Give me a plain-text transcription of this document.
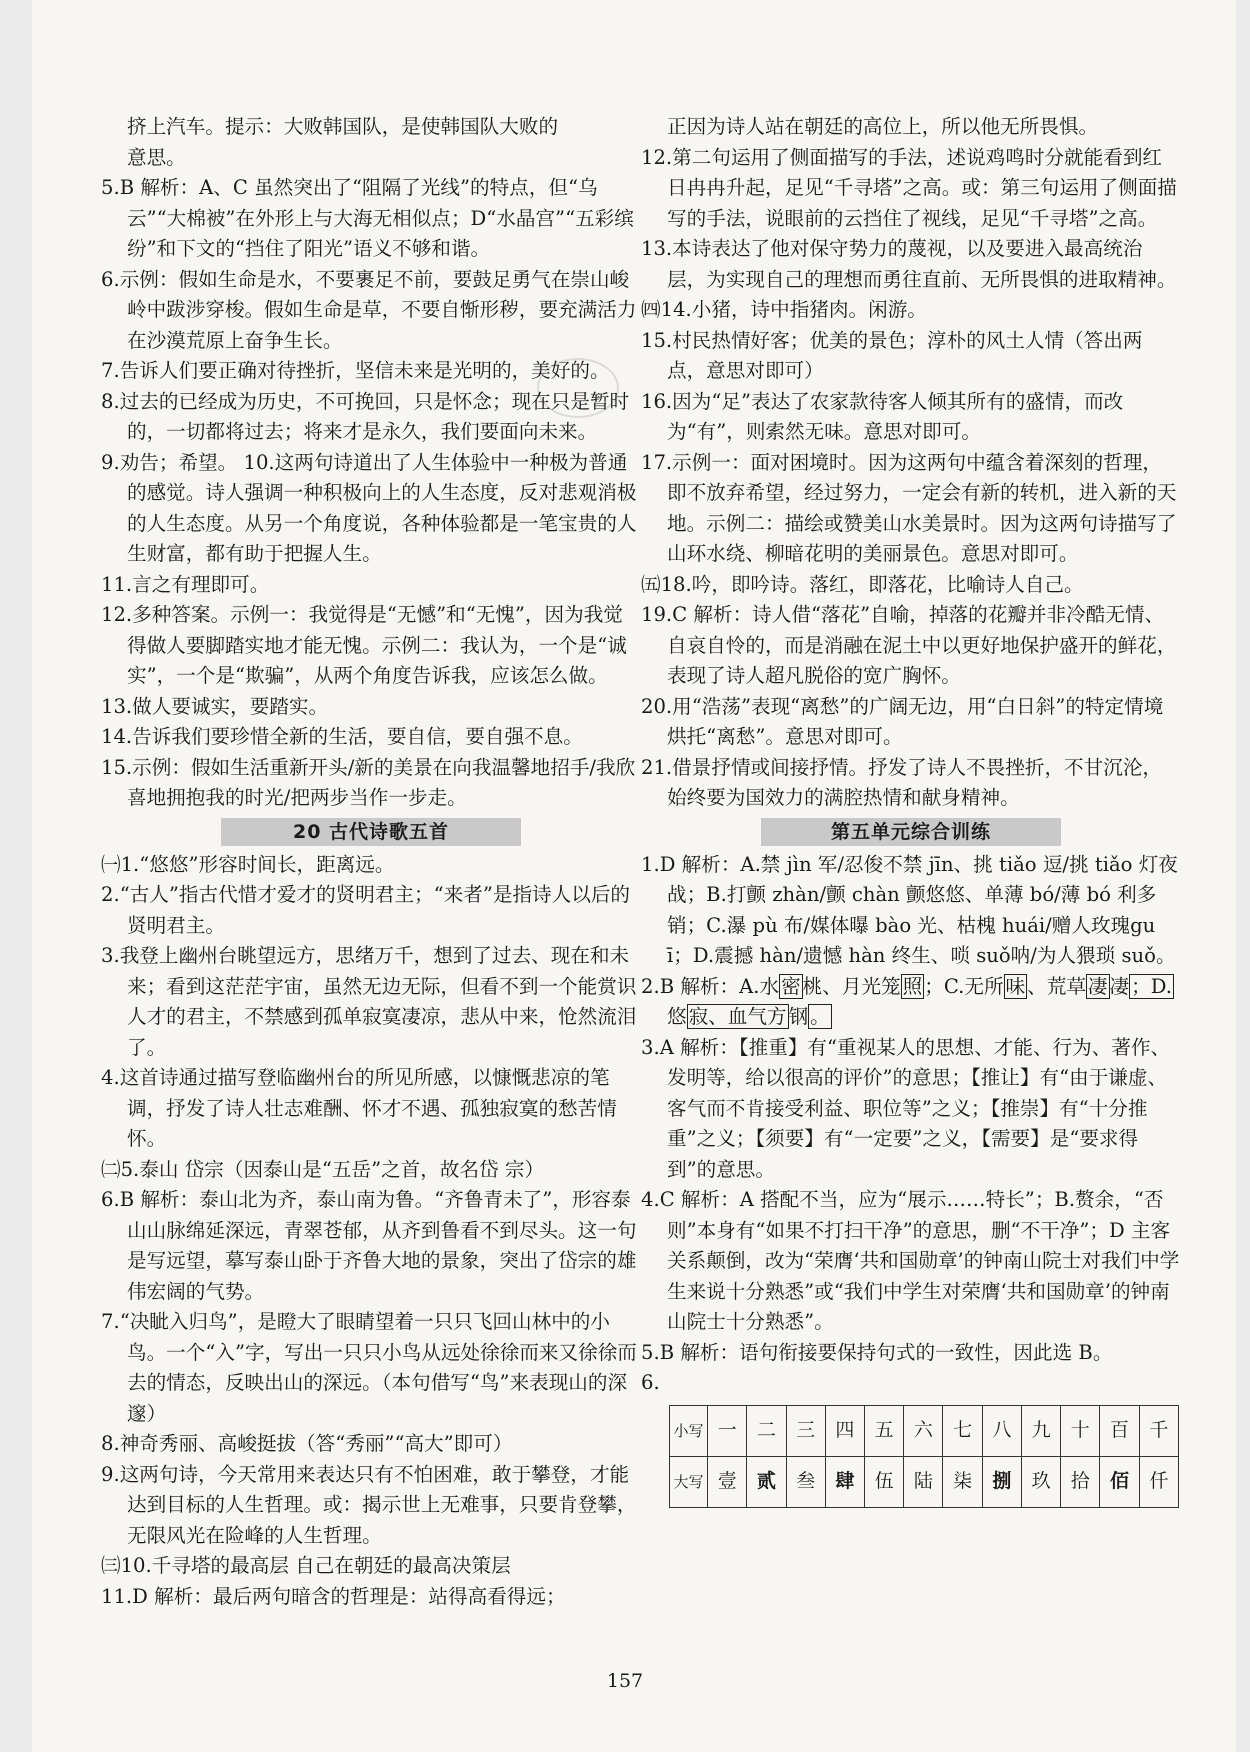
挤上汽车。提示：大败韩国队，是使韩国队大败的

意思。

5.B 解析：A、C 虽然突出了“阻隔了光线”的特点，但“乌云”“大棉被”在外形上与大海无相似点；D“水晶宫”“五彩缤纷”和下文的“挡住了阳光”语义不够和谐。

6.示例：假如生命是水，不要裹足不前，要鼓足勇气在崇山峻岭中跋涉穿梭。假如生命是草，不要自惭形秽，要充满活力在沙漠荒原上奋争生长。

7.告诉人们要正确对待挫折，坚信未来是光明的，美好的。

8.过去的已经成为历史，不可挽回，只是怀念；现在只是暂时的，一切都将过去；将来才是永久，我们要面向未来。

9.劝告；希望。 10.这两句诗道出了人生体验中一种极为普通的感觉。诗人强调一种积极向上的人生态度，反对悲观消极的人生态度。从另一个角度说，各种体验都是一笔宝贵的人生财富，都有助于把握人生。

11.言之有理即可。

12.多种答案。示例一：我觉得是“无憾”和“无愧”，因为我觉得做人要脚踏实地才能无愧。示例二：我认为，一个是“诚实”，一个是“欺骗”，从两个角度告诉我，应该怎么做。

13.做人要诚实，要踏实。

14.告诉我们要珍惜全新的生活，要自信，要自强不息。

15.示例：假如生活重新开头/新的美景在向我温馨地招手/我欣喜地拥抱我的时光/把两步当作一步走。

20 古代诗歌五首

㈠1.“悠悠”形容时间长，距离远。

2.“古人”指古代惜才爱才的贤明君主；“来者”是指诗人以后的贤明君主。

3.我登上幽州台眺望远方，思绪万千，想到了过去、现在和未来；看到这茫茫宇宙，虽然无边无际，但看不到一个能赏识人才的君主，不禁感到孤单寂寞凄凉，悲从中来，怆然流泪了。

4.这首诗通过描写登临幽州台的所见所感，以慷慨悲凉的笔调，抒发了诗人壮志难酬、怀才不遇、孤独寂寞的愁苦情怀。

㈡5.泰山 岱宗（因泰山是“五岳”之首，故名岱 宗）

6.B 解析：泰山北为齐，泰山南为鲁。“齐鲁青未了”，形容泰山山脉绵延深远，青翠苍郁，从齐到鲁看不到尽头。这一句是写远望，摹写泰山卧于齐鲁大地的景象，突出了岱宗的雄伟宏阔的气势。

7.“决眦入归鸟”，是瞪大了眼睛望着一只只飞回山林中的小鸟。一个“入”字，写出一只只小鸟从远处徐徐而来又徐徐而去的情态，反映出山的深远。（本句借写“鸟”来表现山的深邃）

8.神奇秀丽、高峻挺拔（答“秀丽”“高大”即可）

9.这两句诗，今天常用来表达只有不怕困难，敢于攀登，才能达到目标的人生哲理。或：揭示世上无难事，只要肯登攀，无限风光在险峰的人生哲理。

㈢10.千寻塔的最高层 自己在朝廷的最高决策层

11.D 解析：最后两句暗含的哲理是：站得高看得远；

正因为诗人站在朝廷的高位上，所以他无所畏惧。

12.第二句运用了侧面描写的手法，述说鸡鸣时分就能看到红日冉冉升起，足见“千寻塔”之高。或：第三句运用了侧面描写的手法，说眼前的云挡住了视线，足见“千寻塔”之高。

13.本诗表达了他对保守势力的蔑视，以及要进入最高统治层，为实现自己的理想而勇往直前、无所畏惧的进取精神。

㈣14.小猪，诗中指猪肉。闲游。

15.村民热情好客；优美的景色；淳朴的风土人情（答出两点，意思对即可）

16.因为“足”表达了农家款待客人倾其所有的盛情，而改为“有”，则索然无味。意思对即可。

17.示例一：面对困境时。因为这两句中蕴含着深刻的哲理，即不放弃希望，经过努力，一定会有新的转机，进入新的天地。示例二：描绘或赞美山水美景时。因为这两句诗描写了山环水绕、柳暗花明的美丽景色。意思对即可。

㈤18.吟，即吟诗。落红，即落花，比喻诗人自己。

19.C 解析：诗人借“落花”自喻，掉落的花瓣并非冷酷无情、自哀自怜的，而是消融在泥土中以更好地保护盛开的鲜花，表现了诗人超凡脱俗的宽广胸怀。

20.用“浩荡”表现“离愁”的广阔无边，用“白日斜”的特定情境烘托“离愁”。意思对即可。

21.借景抒情或间接抒情。抒发了诗人不畏挫折，不甘沉沦，始终要为国效力的满腔热情和献身精神。

第五单元综合训练

1.D 解析：A.禁 jìn 军/忍俊不禁 jīn、挑 tiǎo 逗/挑 tiǎo 灯夜战；B.打颤 zhàn/颤 chàn 颤悠悠、单薄 bó/薄 bó 利多销；C.瀑 pù 布/媒体曝 bào 光、枯槐 huái/赠人玫瑰guī；D.震撼 hàn/遗憾 hàn 终生、唢 suǒ呐/为人猥琐 suǒ。

2.B 解析：A.水 密 桃、月光笼 照 ；C.无所 味 、荒草 凄 凄 ；D.悠 寂、血气方 钢 。

3.A 解析：【推重】有“重视某人的思想、才能、行为、著作、发明等，给以很高的评价”的意思；【推让】有“由于谦虚、客气而不肯接受利益、职位等”之义；【推崇】有“十分推重”之义；【须要】有“一定要”之义，【需要】是“要求得到”的意思。

4.C 解析：A 搭配不当，应为“展示……特长”；B.赘余，“否则”本身有“如果不打扫干净”的意思，删“不干净”；D 主客关系颠倒，改为“荣膺‘共和国勋章’的钟南山院士对我们中学生来说十分熟悉”或“我们中学生对荣膺‘共和国勋章’的钟南山院士十分熟悉”。

5.B 解析：语句衔接要保持句式的一致性，因此选 B。

6.

小写	一	二	三	四	五	六	七	八	九	十	百	千
大写	壹	贰	叁	肆	伍	陆	柒	捌	玖	拾	佰	仟
157
